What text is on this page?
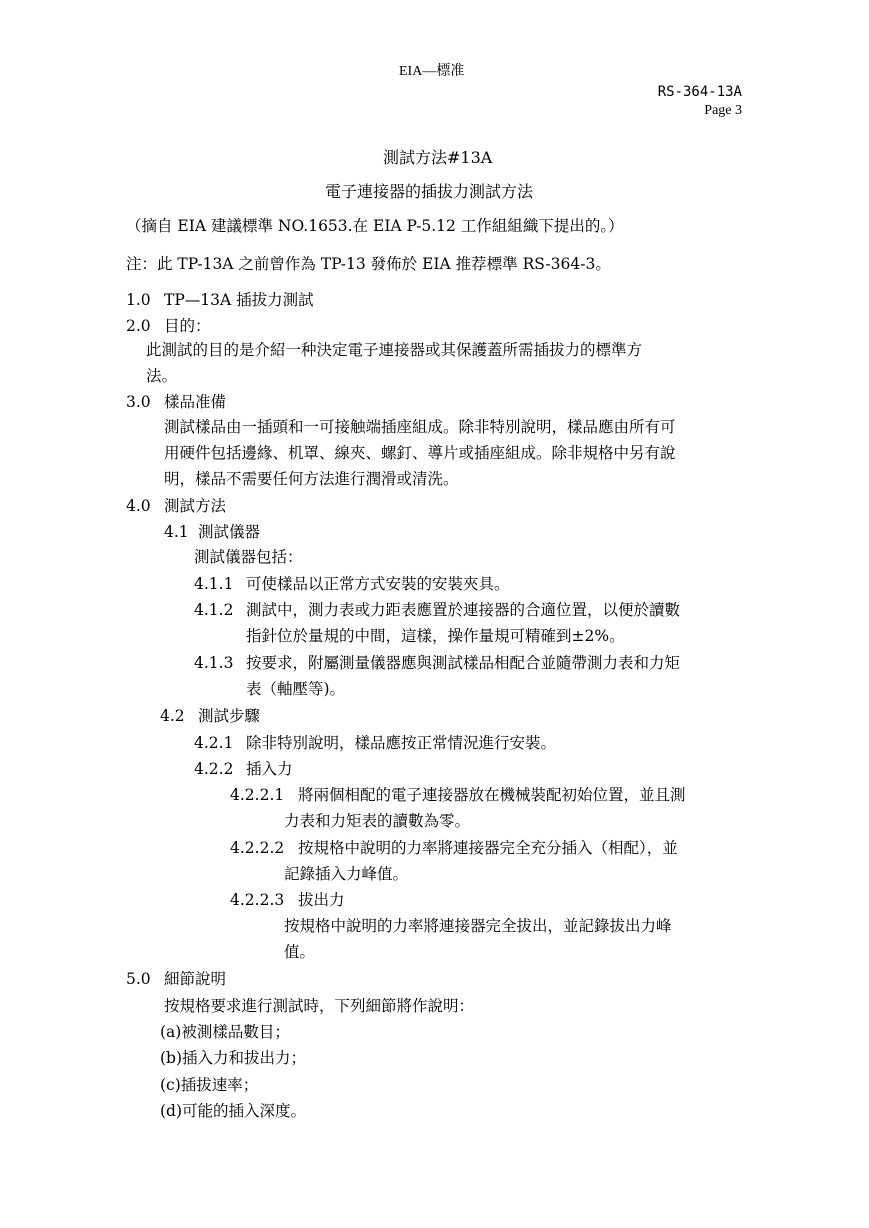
EIA—標准
RS-364-13A
Page 3
測試方法#13A
電子連接器的插拔力測試方法
（摘自 EIA 建議標準 NO.1653.在 EIA P-5.12 工作組組織下提出的。）
注：此 TP-13A 之前曾作為 TP-13 發佈於 EIA 推荐標準 RS-364-3。
1.0 TP—13A 插拔力測試
2.0 目的：
此測試的目的是介紹一种決定電子連接器或其保護蓋所需插拔力的標準方
法。
3.0 樣品准備
測試樣品由一插頭和一可接触端插座組成。除非特別說明，樣品應由所有可
用硬件包括邊緣、机罩、線夾、螺釘、導片或插座組成。除非規格中另有說
明，樣品不需要任何方法進行潤滑或清洗。
4.0 測試方法
4.1 測試儀器
測試儀器包括：
4.1.1 可使樣品以正常方式安裝的安裝夾具。
4.1.2 測試中，測力表或力距表應置於連接器的合適位置，以便於讀數
指針位於量規的中間，這樣，操作量規可精確到±2%。
4.1.3 按要求，附屬測量儀器應與測試樣品相配合並隨帶測力表和力矩
表（軸壓等)。
4.2 測試步驟
4.2.1 除非特別說明，樣品應按正常情況進行安裝。
4.2.2 插入力
4.2.2.1 將兩個相配的電子連接器放在機械裝配初始位置，並且測
力表和力矩表的讀數為零。
4.2.2.2 按規格中說明的力率將連接器完全充分插入（相配），並
記錄插入力峰值。
4.2.2.3 拔出力
按規格中說明的力率將連接器完全拔出，並記錄拔出力峰
值。
5.0 細節說明
按規格要求進行測試時，下列細節將作說明：
(a)被測樣品數目；
(b)插入力和拔出力；
(c)插拔速率；
(d)可能的插入深度。
